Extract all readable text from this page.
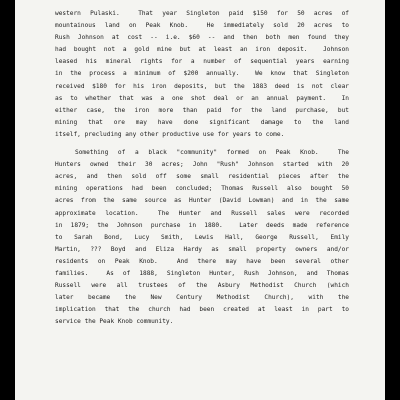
western Pulaski.  That year Singleton paid $150 for 50 acres of
mountainous land on Peak Knob.  He immediately sold 20 acres to
Rush Johnson at cost -- i.e. $60 -- and then both men found they
had bought not a gold mine but at least an iron deposit.  Johnson
leased his mineral rights for a number of sequential years earning
in the process a minimum of $200 annually.  We know that Singleton
received $180 for his iron deposits, but the 1883 deed is not clear
as to whether that was a one shot deal or an annual payment.  In
either case, the iron more than paid for the land purchase, but
mining that ore may have done significant damage to the land
itself, precluding any other productive use for years to come.
Something of a black "community" formed on Peak Knob.  The
Hunters owned their 30 acres; John "Rush" Johnson started with 20
acres, and then sold off some small residential pieces after the
mining operations had been concluded; Thomas Russell also bought 50
acres from the same source as Hunter (David Lowman) and in the same
approximate location.  The Hunter and Russell sales were recorded
in 1879; the Johnson purchase in 1880.  Later deeds made reference
to Sarah Bond, Lucy Smith, Lewis Hall, George Russell, Emily
Martin, ??? Boyd and Eliza Hardy as small property owners and/or
residents on Peak Knob.  And there may have been several other
families.  As of 1888, Singleton Hunter, Rush Johnson, and Thomas
Russell were all trustees of the Asbury Methodist Church (which
later became the New Century Methodist Church), with the
implication that the church had been created at least in part to
service the Peak Knob community.
